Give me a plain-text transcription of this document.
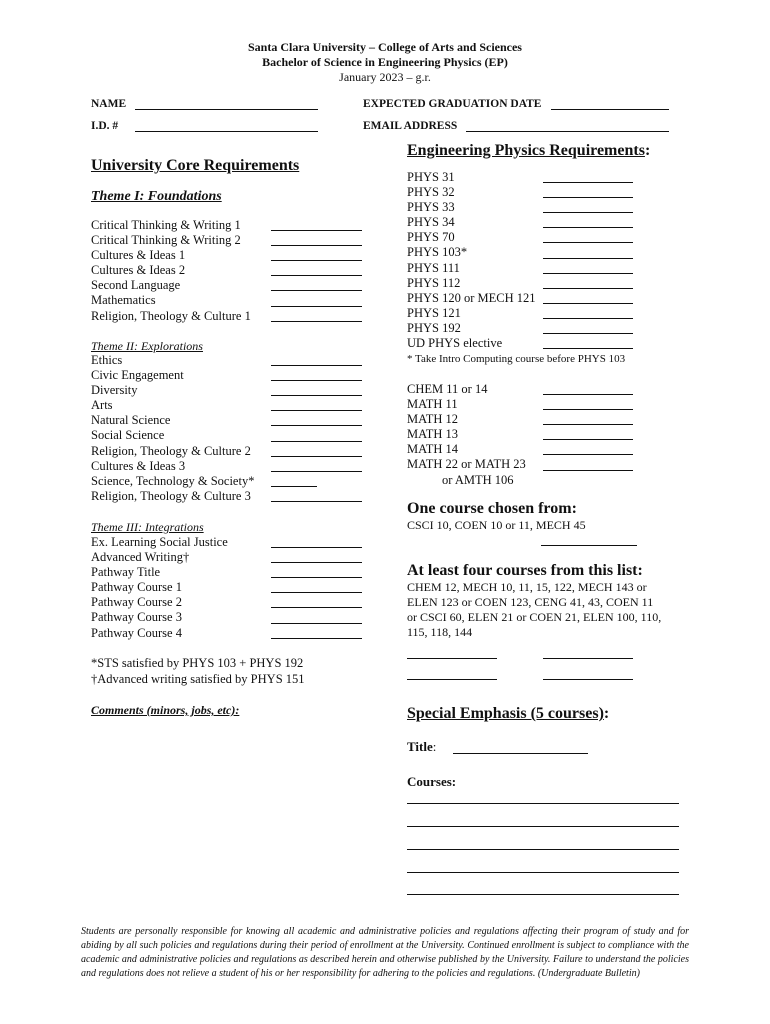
Santa Clara University – College of Arts and Sciences
Bachelor of Science in Engineering Physics (EP)
January 2023 – g.r.
NAME	EXPECTED GRADUATION DATE
I.D. #	EMAIL ADDRESS
University Core Requirements
Theme I: Foundations
Critical Thinking & Writing 1
Critical Thinking & Writing 2
Cultures & Ideas 1
Cultures & Ideas 2
Second Language
Mathematics
Religion, Theology & Culture 1
Theme II: Explorations
Ethics
Civic Engagement
Diversity
Arts
Natural Science
Social Science
Religion, Theology & Culture 2
Cultures & Ideas 3
Science, Technology & Society*
Religion, Theology & Culture 3
Theme III: Integrations
Ex. Learning Social Justice
Advanced Writing†
Pathway Title
Pathway Course 1
Pathway Course 2
Pathway Course 3
Pathway Course 4
*STS satisfied by PHYS 103 + PHYS 192
†Advanced writing satisfied by PHYS 151
Comments (minors, jobs, etc):
Engineering Physics Requirements:
PHYS 31
PHYS 32
PHYS 33
PHYS 34
PHYS 70
PHYS 103*
PHYS 111
PHYS 112
PHYS 120 or MECH 121
PHYS 121
PHYS 192
UD PHYS elective
* Take Intro Computing course before PHYS 103
CHEM 11 or 14
MATH 11
MATH 12
MATH 13
MATH 14
MATH 22 or MATH 23
or AMTH 106
One course chosen from:
CSCI 10, COEN 10 or 11, MECH 45
At least four courses from this list:
CHEM 12, MECH 10, 11, 15, 122, MECH 143 or
ELEN 123 or COEN 123, CENG 41, 43, COEN 11
or CSCI 60, ELEN 21 or COEN 21, ELEN 100, 110,
115, 118, 144
Special Emphasis (5 courses):
Title:
Courses:
Students are personally responsible for knowing all academic and administrative policies and regulations affecting their program of study and for abiding by all such policies and regulations during their period of enrollment at the University. Continued enrollment is subject to compliance with the academic and administrative policies and regulations as described herein and otherwise published by the University. Failure to understand the policies and regulations does not relieve a student of his or her responsibility for adhering to the policies and regulations. (Undergraduate Bulletin)
